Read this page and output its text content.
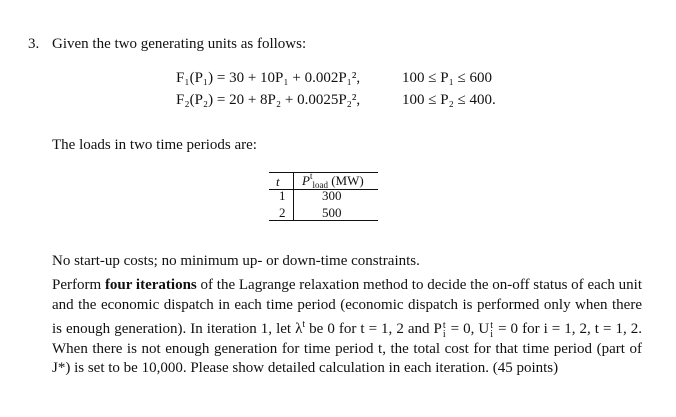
3. Given the two generating units as follows:
F₁(P₁) = 30 + 10P₁ + 0.002P₁²,	100 ≤ P₁ ≤ 600
F₂(P₂) = 20 + 8P₂ + 0.0025P₂²,	100 ≤ P₂ ≤ 400.
The loads in two time periods are:
t $P^t_{load}$ (MW)
1	300
2	500
No start-up costs; no minimum up- or down-time constraints.
Perform four iterations of the Lagrange relaxation method to decide the on-off status of each unit and the economic dispatch in each time period (economic dispatch is performed only when there is enough generation). In iteration 1, let $\lambda^t$ be 0 for t = 1, 2 and P t
i = 0, U t
i = 0 for i = 1, 2, t = 1, 2. When there is not enough generation for time period t, the total cost for that time period (part of J*) is set to be 10,000. Please show detailed calculation in each iteration. (45 points)
